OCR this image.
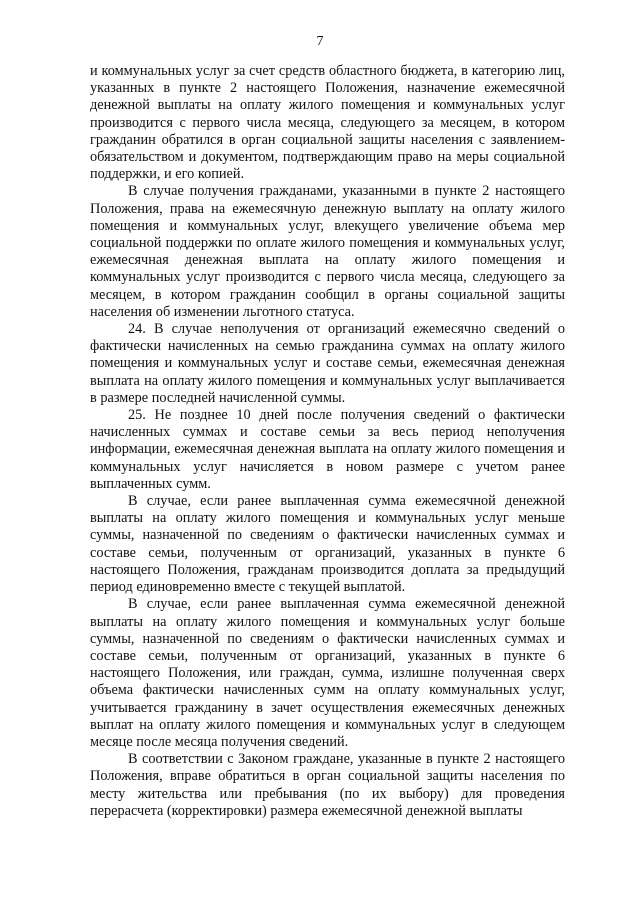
7

и коммунальных услуг за счет средств областного бюджета, в категорию лиц, указанных в пункте 2 настоящего Положения, назначение ежемесячной денежной выплаты на оплату жилого помещения и коммунальных услуг производится с первого числа месяца, следующего за месяцем, в котором гражданин обратился в орган социальной защиты населения с заявлением-обязательством и документом, подтверждающим право на меры социальной поддержки, и его копией.

В случае получения гражданами, указанными в пункте 2 настоящего Положения, права на ежемесячную денежную выплату на оплату жилого помещения и коммунальных услуг, влекущего увеличение объема мер социальной поддержки по оплате жилого помещения и коммунальных услуг, ежемесячная денежная выплата на оплату жилого помещения и коммунальных услуг производится с первого числа месяца, следующего за месяцем, в котором гражданин сообщил в органы социальной защиты населения об изменении льготного статуса.

24. В случае неполучения от организаций ежемесячно сведений о фактически начисленных на семью гражданина суммах на оплату жилого помещения и коммунальных услуг и составе семьи, ежемесячная денежная выплата на оплату жилого помещения и коммунальных услуг выплачивается в размере последней начисленной суммы.

25. Не позднее 10 дней после получения сведений о фактически начисленных суммах и составе семьи за весь период неполучения информации, ежемесячная денежная выплата на оплату жилого помещения и коммунальных услуг начисляется в новом размере с учетом ранее выплаченных сумм.

В случае, если ранее выплаченная сумма ежемесячной денежной выплаты на оплату жилого помещения и коммунальных услуг меньше суммы, назначенной по сведениям о фактически начисленных суммах и составе семьи, полученным от организаций, указанных в пункте 6 настоящего Положения, гражданам производится доплата за предыдущий период единовременно вместе с текущей выплатой.

В случае, если ранее выплаченная сумма ежемесячной денежной выплаты на оплату жилого помещения и коммунальных услуг больше суммы, назначенной по сведениям о фактически начисленных суммах и составе семьи, полученным от организаций, указанных в пункте 6 настоящего Положения, или граждан, сумма, излишне полученная сверх объема фактически начисленных сумм на оплату коммунальных услуг, учитывается гражданину в зачет осуществления ежемесячных денежных выплат на оплату жилого помещения и коммунальных услуг в следующем месяце после месяца получения сведений.

В соответствии с Законом граждане, указанные в пункте 2 настоящего Положения, вправе обратиться в орган социальной защиты населения по месту жительства или пребывания (по их выбору) для проведения перерасчета (корректировки) размера ежемесячной денежной выплаты
